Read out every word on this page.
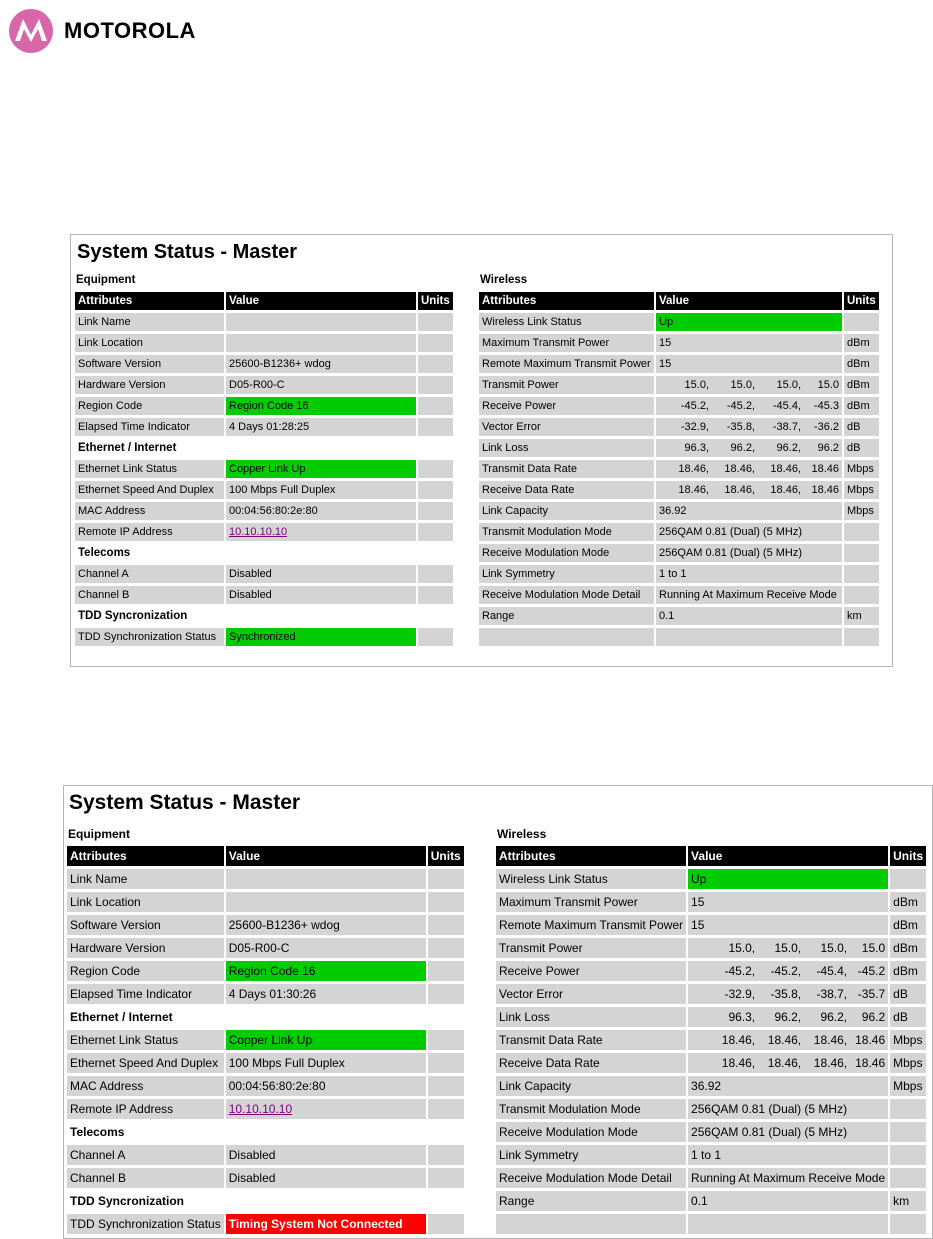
MOTOROLA
System Status - Master
Equipment
Attributes	Value	Units
Link Name		
Link Location		
Software Version	25600-B1236+ wdog	
Hardware Version	D05-R00-C	
Region Code	Region Code 16	
Elapsed Time Indicator	4 Days 01:28:25	
Ethernet / Internet		
Ethernet Link Status	Copper Link Up	
Ethernet Speed And Duplex	100 Mbps Full Duplex	
MAC Address	00:04:56:80:2e:80	
Remote IP Address	10.10.10.10	
Telecoms		
Channel A	Disabled	
Channel B	Disabled	
TDD Syncronization		
TDD Synchronization Status	Synchronized	
Wireless
Attributes	Value	Units
Wireless Link Status	Up	
Maximum Transmit Power	15	dBm
Remote Maximum Transmit Power	15	dBm
Transmit Power	15.0, 15.0, 15.0, 15.0	dBm
Receive Power	-45.2, -45.2, -45.4, -45.3	dBm
Vector Error	-32.9, -35.8, -38.7, -36.2	dB
Link Loss	96.3, 96.2, 96.2, 96.2	dB
Transmit Data Rate	18.46, 18.46, 18.46, 18.46	Mbps
Receive Data Rate	18.46, 18.46, 18.46, 18.46	Mbps
Link Capacity	36.92	Mbps
Transmit Modulation Mode	256QAM 0.81 (Dual) (5 MHz)	
Receive Modulation Mode	256QAM 0.81 (Dual) (5 MHz)	
Link Symmetry	1 to 1	
Receive Modulation Mode Detail	Running At Maximum Receive Mode	
Range	0.1	km

System Status - Master
Equipment
Attributes	Value	Units
Link Name		
Link Location		
Software Version	25600-B1236+ wdog	
Hardware Version	D05-R00-C	
Region Code	Region Code 16	
Elapsed Time Indicator	4 Days 01:30:26	
Ethernet / Internet		
Ethernet Link Status	Copper Link Up	
Ethernet Speed And Duplex	100 Mbps Full Duplex	
MAC Address	00:04:56:80:2e:80	
Remote IP Address	10.10.10.10	
Telecoms		
Channel A	Disabled	
Channel B	Disabled	
TDD Syncronization		
TDD Synchronization Status	Timing System Not Connected	
Wireless
Attributes	Value	Units
Wireless Link Status	Up	
Maximum Transmit Power	15	dBm
Remote Maximum Transmit Power	15	dBm
Transmit Power	15.0, 15.0, 15.0, 15.0	dBm
Receive Power	-45.2, -45.2, -45.4, -45.2	dBm
Vector Error	-32.9, -35.8, -38.7, -35.7	dB
Link Loss	96.3, 96.2, 96.2, 96.2	dB
Transmit Data Rate	18.46, 18.46, 18.46, 18.46	Mbps
Receive Data Rate	18.46, 18.46, 18.46, 18.46	Mbps
Link Capacity	36.92	Mbps
Transmit Modulation Mode	256QAM 0.81 (Dual) (5 MHz)	
Receive Modulation Mode	256QAM 0.81 (Dual) (5 MHz)	
Link Symmetry	1 to 1	
Receive Modulation Mode Detail	Running At Maximum Receive Mode	
Range	0.1	km
